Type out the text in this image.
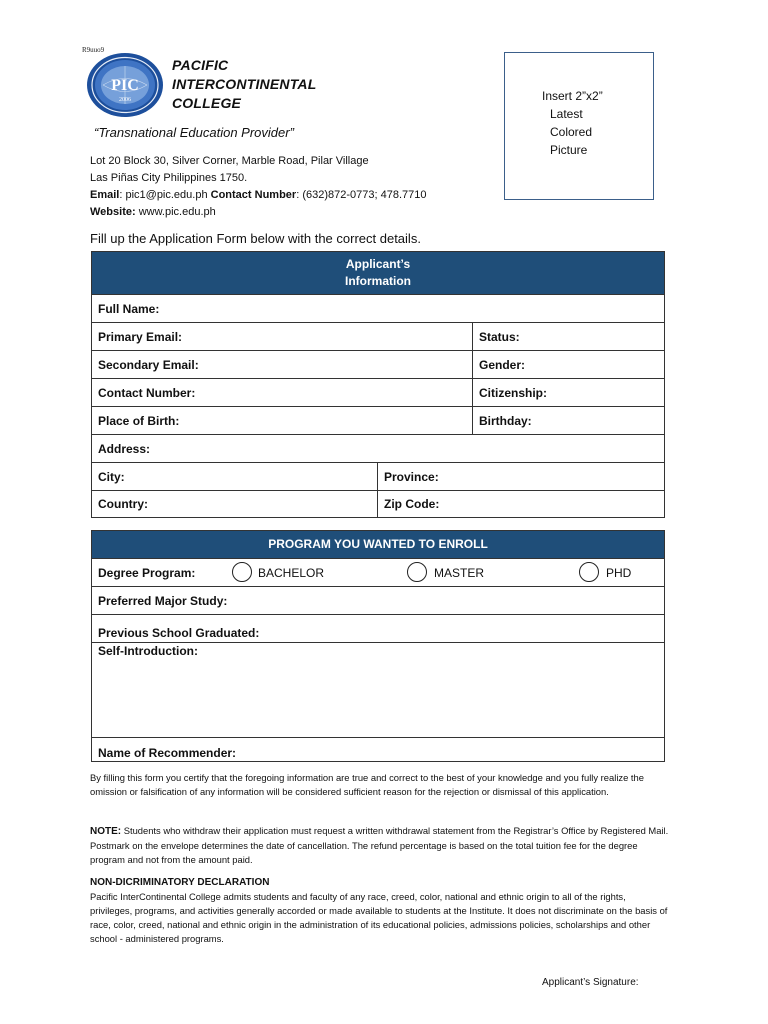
R9uuo9
PIC
2006
PACIFIC
INTERCONTINENTAL
COLLEGE
“Transnational Education Provider”
Lot 20 Block 30, Silver Corner, Marble Road, Pilar Village
Las Piñas City Philippines 1750.
Email: pic1@pic.edu.ph Contact Number: (632)872-0773; 478.7710
Website: www.pic.edu.ph
Insert 2”x2”
Latest
Colored
Picture
Fill up the Application Form below with the correct details.
Applicant’s
Information		

Full Name:		
Primary Email:		Status:
Secondary Email:		Gender:
Contact Number:		Citizenship:
Place of Birth:		Birthday:
Address:		
City:	Province:	
Country:	Zip Code:	
PROGRAM YOU WANTED TO ENROLL

Degree Program:	BACHELOR	MASTER	PHD

Preferred Major Study:
Previous School Graduated:
Self-Introduction:
Name of Recommender:
By filling this form you certify that the foregoing information are true and correct to the best of your knowledge and you fully realize the omission or falsification of any information will be considered sufficient reason for the rejection or dismissal of this application.
NOTE: Students who withdraw their application must request a written withdrawal statement from the Registrar’s Office by Registered Mail. Postmark on the envelope determines the date of cancellation. The refund percentage is based on the total tuition fee for the degree program and not from the amount paid.
NON-DICRIMINATORY DECLARATION
Pacific InterContinental College admits students and faculty of any race, creed, color, national and ethnic origin to all of the rights, privileges, programs, and activities generally accorded or made available to students at the Institute. It does not discriminate on the basis of race, color, creed, national and ethnic origin in the administration of its educational policies, admissions policies, scholarships and other school - administered programs.
Applicant’s Signature:
